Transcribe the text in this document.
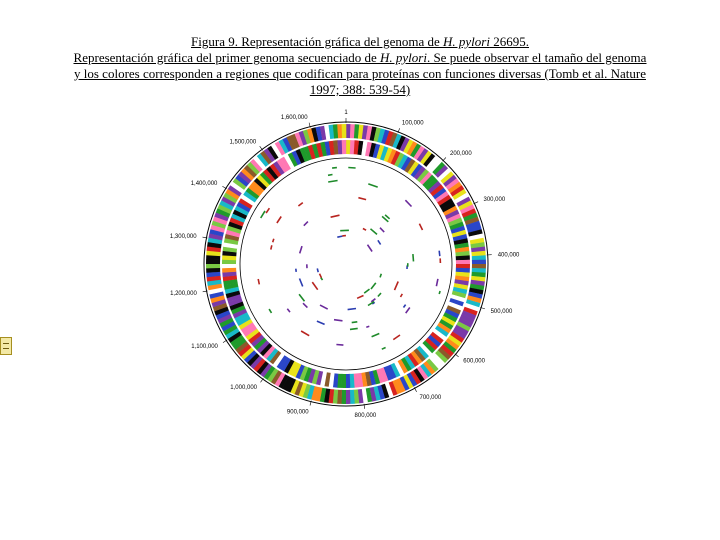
Figura 9. Representación gráfica del genoma de H. pylori 26695.
Representación gráfica del primer genoma secuenciado de H. pylori. Se puede observar el tamaño del genoma
y los colores corresponden a regiones que codifican para proteínas con funciones diversas (Tomb et al. Nature
1997; 388: 539-54)
1
100,000
200,000
300,000
400,000
500,000
600,000
700,000
800,000
900,000
1,000,000
1,100,000
1,200,000
1,300,000
1,400,000
1,500,000
1,600,000
